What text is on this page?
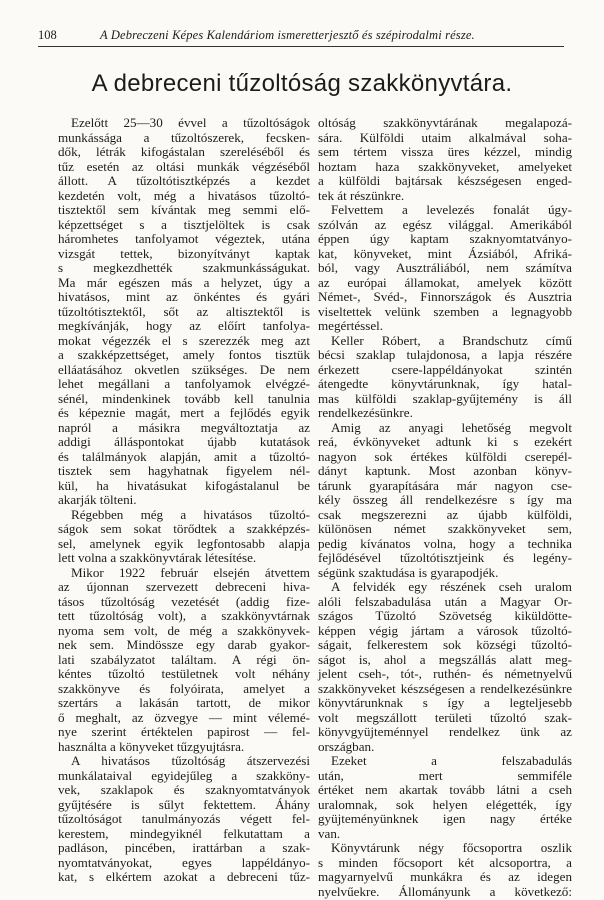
108	A Debreczeni Képes Kalendáriom ismeretterjesztő és szépirodalmi része.
A debreceni tűzoltóság szakkönyvtára.
Ezelőtt 25—30 évvel a tűzoltóságok
munkássága a tűzoltószerek, fecsken-
dők, létrák kifogástalan szereléséből és
tűz esetén az oltási munkák végzéséből
állott. A tűzoltótisztképzés a kezdet
kezdetén volt, még a hivatásos tűzoltó-
tisztektől sem kívántak meg semmi elő-
képzettséget s a tisztjelöltek is csak
háromhetes tanfolyamot végeztek, utána
vizsgát tettek, bizonyítványt kaptak
s megkezdhették szakmunkásságukat.
Ma már egészen más a helyzet, úgy a
hivatásos, mint az önkéntes és gyári
tűzoltótisztektől, sőt az altisztektől is
megkívánják, hogy az előírt tanfolya-
mokat végezzék el s szerezzék meg azt
a szakképzettséget, amely fontos tisztük
elláatásához okvetlen szükséges. De nem
lehet megállani a tanfolyamok elvégzé-
sénél, mindenkinek tovább kell tanulnia
és képeznie magát, mert a fejlődés egyik
napról a másikra megváltoztatja az
addigi álláspontokat újabb kutatások
és találmányok alapján, amit a tűzoltó-
tisztek sem hagyhatnak figyelem nél-
kül, ha hivatásukat kifogástalanul be
akarják tölteni.
Régebben még a hivatásos tűzoltó-
ságok sem sokat törődtek a szakképzés-
sel, amelynek egyik legfontosabb alapja
lett volna a szakkönyvtárak létesítése.
Mikor 1922 február elsején átvettem
az újonnan szervezett debreceni hiva-
tásos tűzoltóság vezetését (addig fize-
tett tűzoltóság volt), a szakkönyvtárnak
nyoma sem volt, de még a szakkönyvek-
nek sem. Mindössze egy darab gyakor-
lati szabályzatot találtam. A régi ön-
kéntes tűzoltó testületnek volt néhány
szakkönyve és folyóirata, amelyet a
szertárs a lakásán tartott, de mikor
ő meghalt, az özvegye — mint vélemé-
nye szerint értéktelen papirost — fel-
használta a könyveket tűzgyujtásra.
A hivatásos tűzoltóság átszervezési
munkálataival egyidejűleg a szakköny-
vek, szaklapok és szaknyomtatványok
gyűjtésére is sűlyt fektettem. Áhány
tűzoltóságot tanulmányozás végett fel-
kerestem, mindegyiknél felkutattam a
padláson, pincében, irattárban a szak-
nyomtatványokat, egyes lappéldányo-
kat, s elkértem azokat a debreceni tűz-
oltóság szakkönyvtárának megalapozá-
sára. Külföldi utaim alkalmával soha-
sem tértem vissza üres kézzel, mindig
hoztam haza szakkönyveket, amelyeket
a külföldi bajtársak készségesen enged-
tek át részünkre.
Felvettem a levelezés fonalát úgy-
szólván az egész világgal. Amerikából
éppen úgy kaptam szaknyomtatványo-
kat, könyveket, mint Ázsiából, Afriká-
ból, vagy Ausztráliából, nem számítva
az európai államokat, amelyek között
Német-, Svéd-, Finnországok és Ausztria
viseltettek velünk szemben a legnagyobb
megértéssel.
Keller Róbert, a Brandschutz című
bécsi szaklap tulajdonosa, a lapja részére
érkezett csere-lappéldányokat szintén
átengedte könyvtárunknak, így hatal-
mas külföldi szaklap-gyűjtemény is áll
rendelkezésünkre.
Amig az anyagi lehetőség megvolt
reá, évkönyveket adtunk ki s ezekért
nagyon sok értékes külföldi cserepél-
dányt kaptunk. Most azonban könyv-
tárunk gyarapítására már nagyon cse-
kély összeg áll rendelkezésre s így ma
csak megszerezni az újabb külföldi,
különösen német szakkönyveket sem,
pedig kívánatos volna, hogy a technika
fejlődésével tűzoltótisztjeink és legény-
ségünk szaktudása is gyarapodjék.
A felvidék egy részének cseh uralom
alóli felszabadulása után a Magyar Or-
szágos Tűzoltó Szövetség kiküldötte-
képpen végig jártam a városok tűzoltó-
ságait, felkerestem sok községi tűzoltó-
ságot is, ahol a megszállás alatt meg-
jelent cseh-, tót-, ruthén- és németnyelvű
szakkönyveket készségesen a rendelkezésünkre
könyvtárunknak s így a legteljesebb
volt megszállott területi tűzoltó szak-
könyvgyüjteménnyel rendelkez ünk az
országban.
Ezeket a felszabadulás
után, mert semmiféle
értéket nem akartak tovább látni a cseh
uralomnak, sok helyen elégették, így
gyüjteményünknek igen nagy értéke
van.
Könyvtárunk négy főcsoportra oszlik
s minden főcsoport két alcsoportra, a
magyarnyelvű munkákra és az idegen
nyelvűekre. Állományunk a következő:
